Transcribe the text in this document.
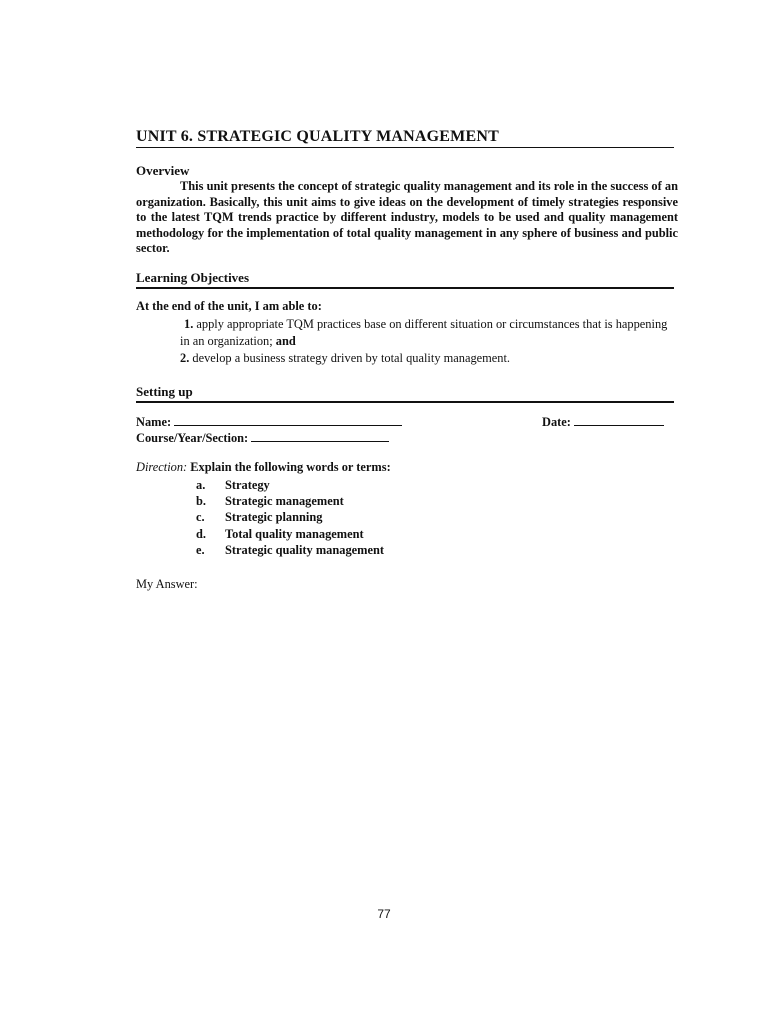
UNIT 6. STRATEGIC QUALITY MANAGEMENT
Overview
This unit presents the concept of strategic quality management and its role in the success of an organization. Basically, this unit aims to give ideas on the development of timely strategies responsive to the latest TQM trends practice by different industry, models to be used and quality management methodology for the implementation of total quality management in any sphere of business and public sector.
Learning Objectives
At the end of the unit, I am able to:

1. apply appropriate TQM practices base on different situation or circumstances that is happening in an organization; and

2. develop a business strategy driven by total quality management.

Setting up
Name:	Date:
Course/Year/Section:
Direction: Explain the following words or terms:
a.	Strategy
b.	Strategic management
c.	Strategic planning
d.	Total quality management
e.	Strategic quality management
My Answer:
77
